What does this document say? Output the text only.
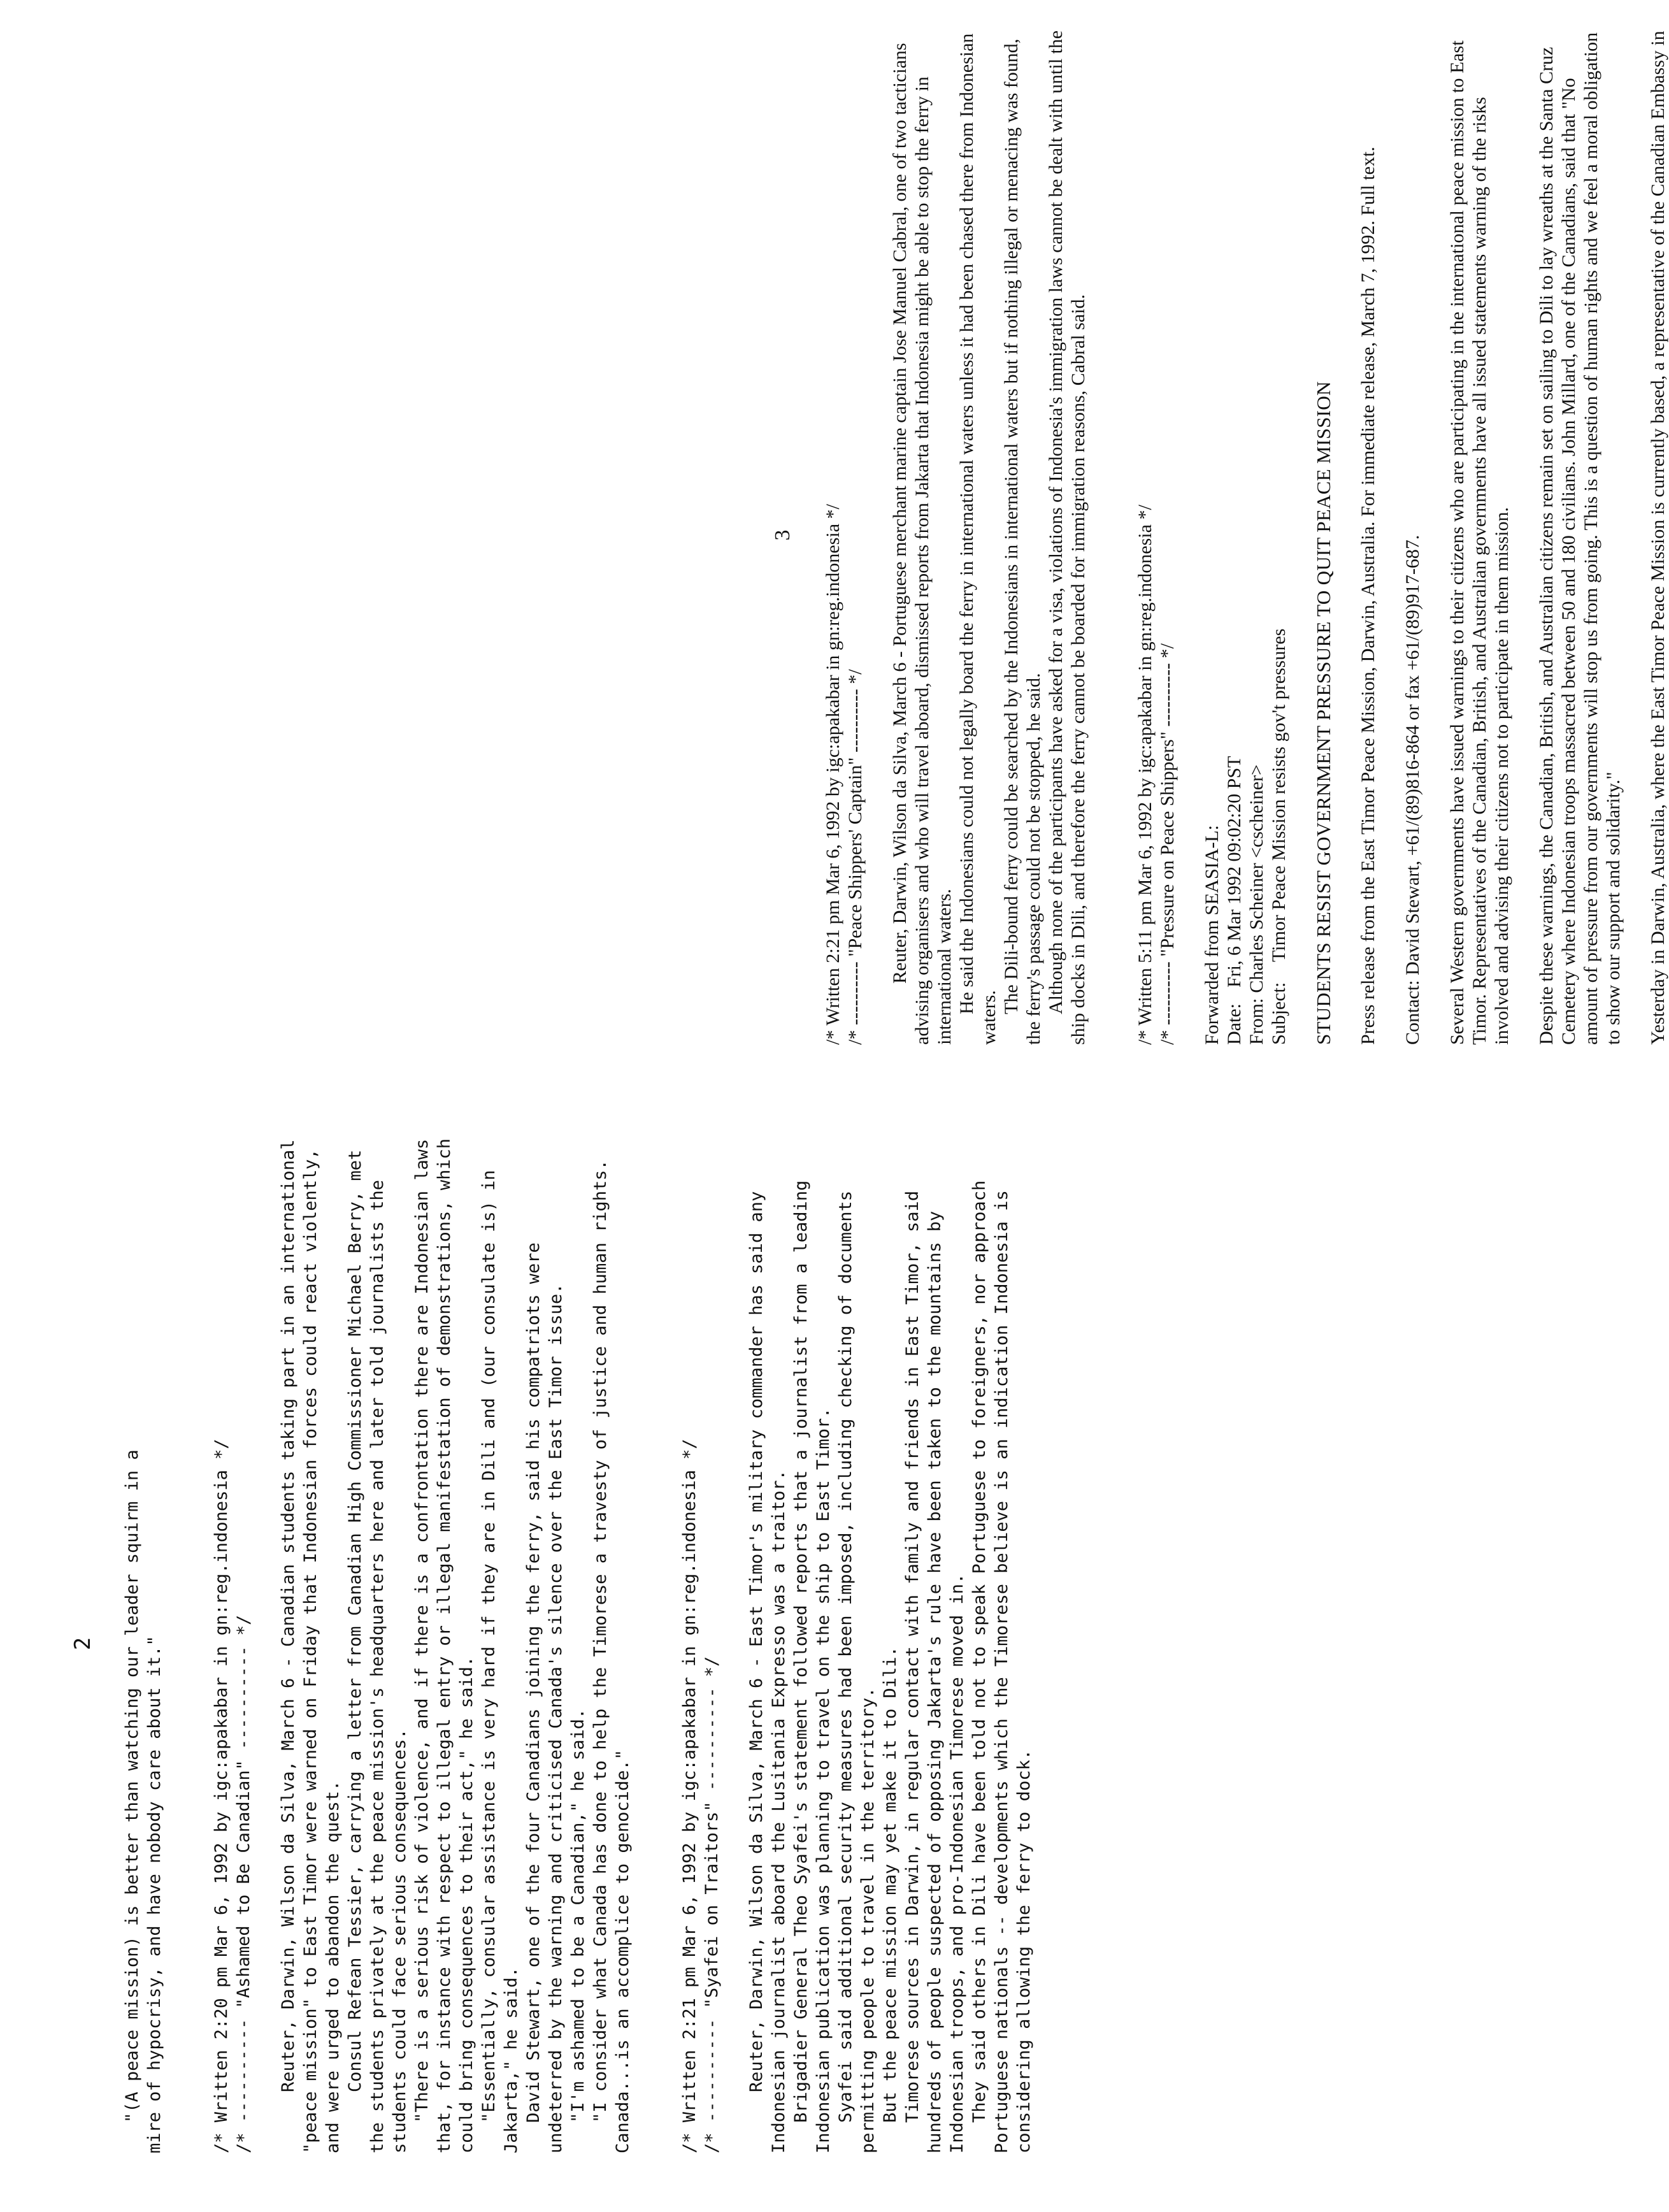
2 "(A peace mission) is better than watching our leader squirm in a mire of hypocrisy, and have nobody care about it."	/* Written 2:20 pm Mar 6, 1992 by igc:apakabar in gn:reg.indonesia */ /* ---------- "Ashamed to Be Canadian" ---------- */ Reuter, Darwin, Wilson da Silva, March 6 - Canadian students taking part in an international "peace mission" to East Timor were warned on Friday that Indonesian forces could react violently, and were urged to abandon the quest. Consul Refean Tessier, carrying a letter from Canadian High Commissioner Michael Berry, met the students privately at the peace mission's headquarters here and later told journalists the students could face serious consequences. "There is a serious risk of violence, and if there is a confrontation there are Indonesian laws that, for instance with respect to illegal entry or illegal manifestation of demonstrations, which could bring consequences to their act," he said. "Essentially, consular assistance is very hard if they are in Dili and (our consulate is) in Jakarta," he said. David Stewart, one of the four Canadians joining the ferry, said his compatriots were undeterred by the warning and criticised Canada's silence over the East Timor issue. "I'm ashamed to be a Canadian," he said. "I consider what Canada has done to help the Timorese a travesty of justice and human rights. Canada...is an accomplice to genocide."	/* Written 2:21 pm Mar 6, 1992 by igc:apakabar in gn:reg.indonesia */ /* ---------- "Syafei on Traitors" ---------- */ Reuter, Darwin, Wilson da Silva, March 6 - East Timor's military commander has said any Indonesian journalist aboard the Lusitania Expresso was a traitor. Brigadier General Theo Syafei's statement followed reports that a journalist from a leading Indonesian publication was planning to travel on the ship to East Timor. Syafei said additional security measures had been imposed, including checking of documents permitting people to travel in the territory. But the peace mission may yet make it to Dili. Timorese sources in Darwin, in regular contact with family and friends in East Timor, said hundreds of people suspected of opposing Jakarta's rule have been taken to the mountains by Indonesian troops, and pro-Indonesian Timorese moved in. They said others in Dili have been told not to speak Portuguese to foreigners, nor approach Portuguese nationals -- developments which the Timorese believe is an indication Indonesia is considering allowing the ferry to dock.

3 /* Written 2:21 pm Mar 6, 1992 by igc:apakabar in gn:reg.indonesia */ /* ---------- "Peace Shippers' Captain" ---------- */ Reuter, Darwin, Wilson da Silva, March 6 - Portuguese merchant marine captain Jose Manuel Cabral, one of two tacticians advising organisers and who will travel aboard, dismissed reports from Jakarta that Indonesia might be able to stop the ferry in international waters. He said the Indonesians could not legally board the ferry in international waters unless it had been chased there from Indonesian waters.

The Dili-bound ferry could be searched by the Indonesians in international waters but if nothing illegal or menacing was found, the ferry's passage could not be stopped, he said. Although none of the participants have asked for a visa, violations of Indonesia's immigration laws cannot be dealt with until the ship docks in Dili, and therefore the ferry cannot be boarded for immigration reasons, Cabral said. /* Written 5:11 pm Mar 6, 1992 by igc:apakabar in gn:reg.indonesia */ /* ---------- "Pressure on Peace Shippers" ---------- */ Forwarded from SEASIA-L: Date:
Fri, 6 Mar 1992 09:02:20 PST
From:
Charles Scheiner <cscheiner>
Subject:
Timor Peace Mission resists gov't pressures STUDENTS RESIST GOVERNMENT PRESSURE TO QUIT PEACE MISSION Press release from the East Timor Peace Mission, Darwin, Australia. For immediate release, March 7, 1992. Full text. Contact: David Stewart, +61/(89)816-864 or fax +61/(89)917-687. Several Western governments have issued warnings to their citizens who are participating in the international peace mission to East Timor. Representatives of the Canadian, British, and Australian governments have all issued statements warning of the risks involved and advising their citizens not to participate in them mission. Despite these warnings, the Canadian, British, and Australian citizens remain set on sailing to Dili to lay wreaths at the Santa Cruz Cemetery where Indonesian troops massacred between 50 and 180 civilians. John Millard, one of the Canadians, said that "No amount of pressure from our governments will stop us from going. This is a question of human rights and we feel a moral obligation to show our support and solidarity." Yesterday in Darwin, Australia, where the East Timor Peace Mission is currently based, a representative of the Canadian Embassy in
